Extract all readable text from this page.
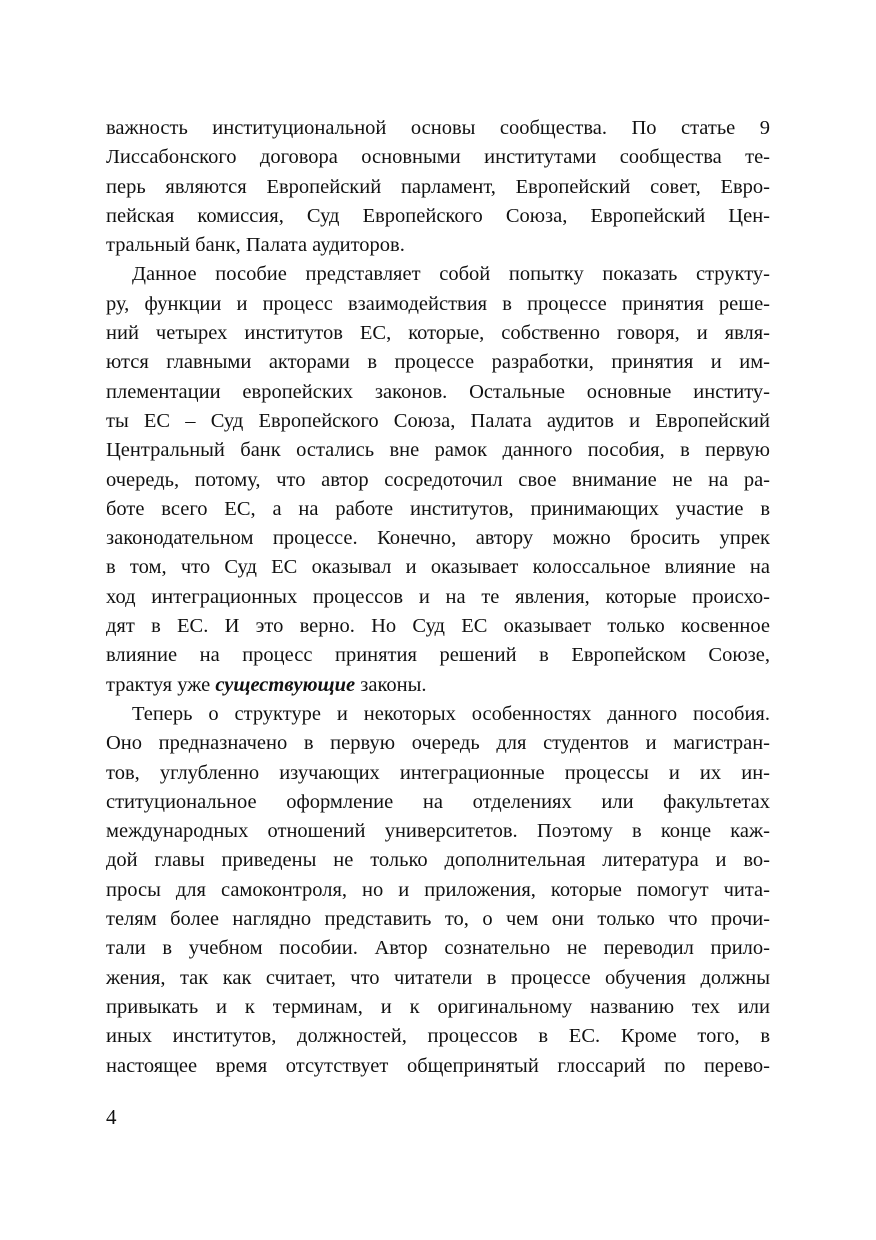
важность институциональной основы сообщества. По статье 9
Лиссабонского договора основными институтами сообщества те-
перь являются Европейский парламент, Европейский совет, Евро-
пейская комиссия, Суд Европейского Союза, Европейский Цен-
тральный банк, Палата аудиторов.
Данное пособие представляет собой попытку показать структу-
ру, функции и процесс взаимодействия в процессе принятия реше-
ний четырех институтов ЕС, которые, собственно говоря, и явля-
ются главными акторами в процессе разработки, принятия и им-
плементации европейских законов. Остальные основные институ-
ты ЕС – Суд Европейского Союза, Палата аудитов и Европейский
Центральный банк остались вне рамок данного пособия, в первую
очередь, потому, что автор сосредоточил свое внимание не на ра-
боте всего ЕС, а на работе институтов, принимающих участие в
законодательном процессе. Конечно, автору можно бросить упрек
в том, что Суд ЕС оказывал и оказывает колоссальное влияние на
ход интеграционных процессов и на те явления, которые происхо-
дят в ЕС. И это верно. Но Суд ЕС оказывает только косвенное
влияние на процесс принятия решений в Европейском Союзе,
трактуя уже существующие законы.
Теперь о структуре и некоторых особенностях данного пособия.
Оно предназначено в первую очередь для студентов и магистран-
тов, углубленно изучающих интеграционные процессы и их ин-
ституциональное оформление на отделениях или факультетах
международных отношений университетов. Поэтому в конце каж-
дой главы приведены не только дополнительная литература и во-
просы для самоконтроля, но и приложения, которые помогут чита-
телям более наглядно представить то, о чем они только что прочи-
тали в учебном пособии. Автор сознательно не переводил прило-
жения, так как считает, что читатели в процессе обучения должны
привыкать и к терминам, и к оригинальному названию тех или
иных институтов, должностей, процессов в ЕС. Кроме того, в
настоящее время отсутствует общепринятый глоссарий по перево-
4
